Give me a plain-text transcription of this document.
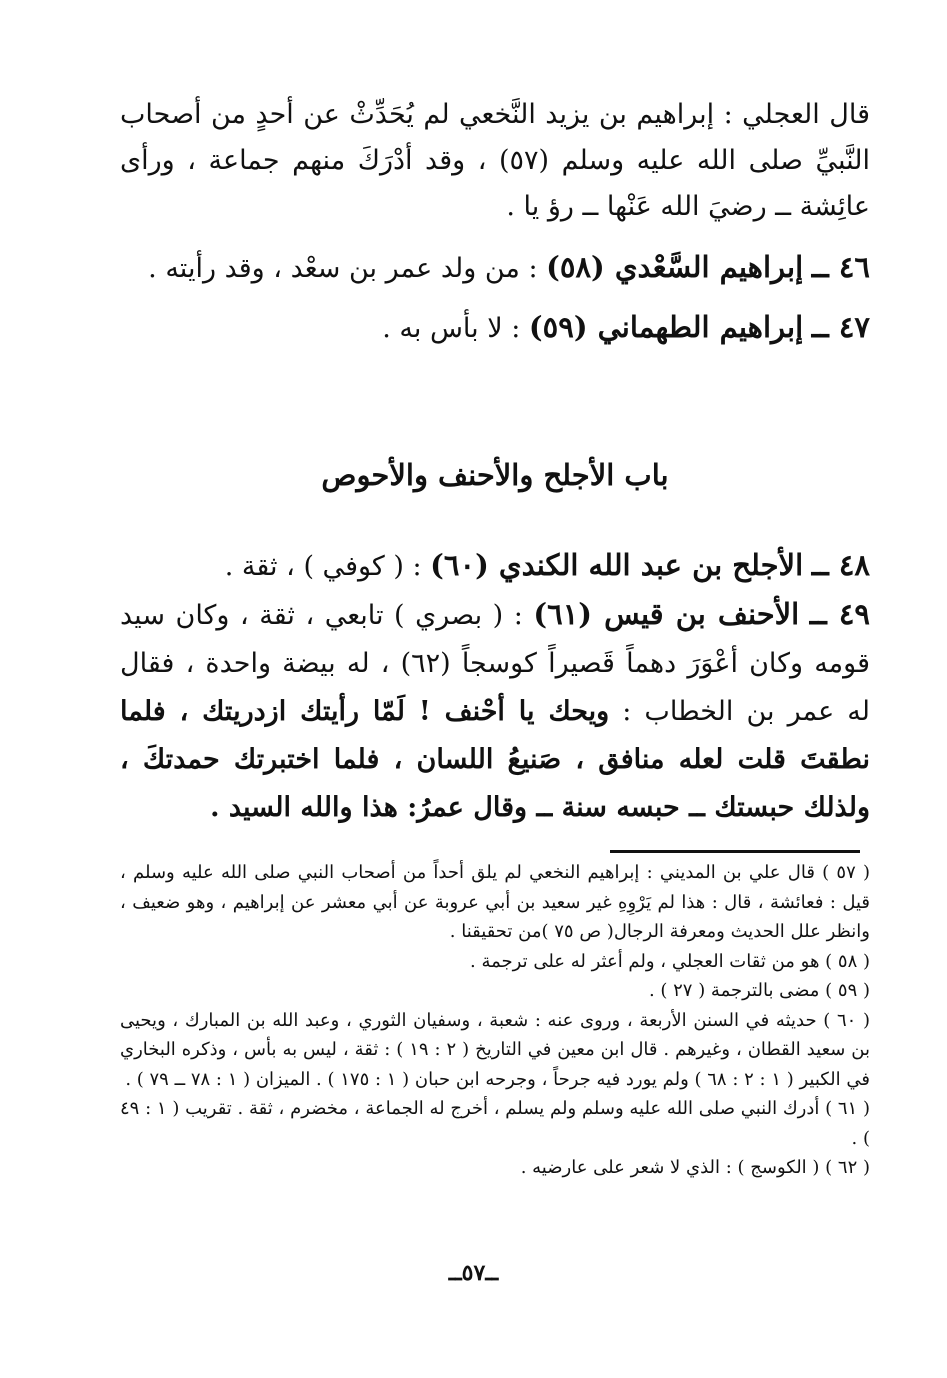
قال العجلي : إبراهيم بن يزيد النَّخعي لم يُحَدِّثْ عن أحدٍ من أصحاب النَّبيِّ صلى الله عليه وسلم (٥٧) ، وقد أدْرَكَ منهم جماعة ، ورأى عائِشة ــ رضيَ الله عَنْها ــ رؤ يا .

٤٦ ــ إبراهيم السَّعْدي (٥٨) : من ولد عمر بن سعْد ، وقد رأيته .

٤٧ ــ إبراهيم الطهماني (٥٩) : لا بأس به .

باب الأجلح والأحنف والأحوص

٤٨ ــ الأجلح بن عبد الله الكندي (٦٠) : ( كوفي ) ، ثقة .

٤٩ ــ الأحنف بن قيس (٦١) : ( بصري ) تابعي ، ثقة ، وكان سيد قومه وكان أعْوَرَ دهماً قَصيراً كوسجاً (٦٢) ، له بيضة واحدة ، فقال له عمر بن الخطاب : ويحك يا أحْنف ! لَمّا رأيتك ازدريتك ، فلما نطقتَ قلت لعله منافق ، صَنيعُ اللسان ، فلما اختبرتك حمدتكَ ، ولذلك حبستك ــ حبسه سنة ــ وقال عمرُ: هذا والله السيد .

( ٥٧ ) قال علي بن المديني : إبراهيم النخعي لم يلق أحداً من أصحاب النبي صلى الله عليه وسلم ، قيل : فعائشة ، قال : هذا لم يَرْوِهِ غير سعيد بن أبي عروبة عن أبي معشر عن إبراهيم ، وهو ضعيف ، وانظر علل الحديث ومعرفة الرجال( ص ٧٥ )من تحقيقنا .
( ٥٨ ) هو من ثقات العجلي ، ولم أعثر له على ترجمة .
( ٥٩ ) مضى بالترجمة ( ٢٧ ) .
( ٦٠ ) حديثه في السنن الأربعة ، وروى عنه : شعبة ، وسفيان الثوري ، وعبد الله بن المبارك ، ويحيى بن سعيد القطان ، وغيرهم . قال ابن معين في التاريخ ( ٢ : ١٩ ) : ثقة ، ليس به بأس ، وذكره البخاري في الكبير ( ١ : ٢ : ٦٨ ) ولم يورد فيه جرحاً ، وجرحه ابن حبان ( ١ : ١٧٥ ) . الميزان ( ١ : ٧٨ ــ ٧٩ ) .
( ٦١ ) أدرك النبي صلى الله عليه وسلم ولم يسلم ، أخرج له الجماعة ، مخضرم ، ثقة . تقريب ( ١ : ٤٩ ) .
( ٦٢ ) ( الكوسج ) : الذي لا شعر على عارضيه .
ــ٥٧ــ
